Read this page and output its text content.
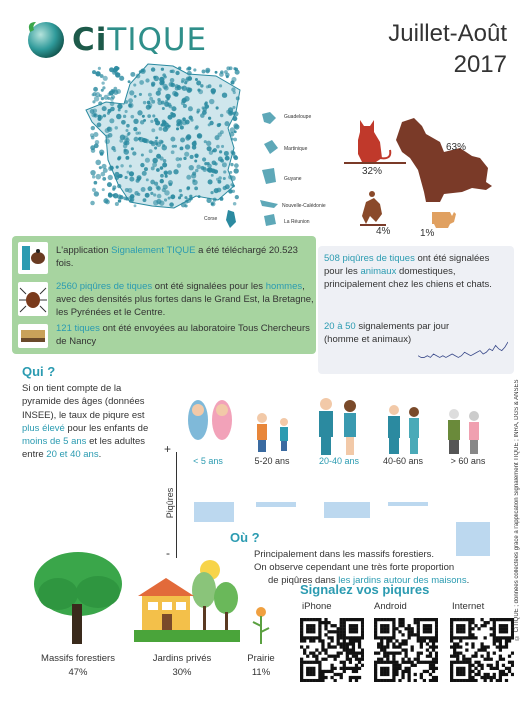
CiTIQUE	Juillet-Août
2017
Corse
Guadeloupe
Martinique
Guyane
Nouvelle-Calédonie
La Réunion
63%
32%
4%	1%
L'application Signalement TIQUE a été téléchargé 20.523 fois.
2560 piqûres de tiques ont été signalées pour les hommes, avec des densités plus fortes dans le Grand Est, la Bretagne, les Pyrénées et le Centre.
121 tiques ont été envoyées au laboratoire Tous Chercheurs de Nancy
508 piqûres de tiques ont été signalées pour les animaux domestiques, principalement chez les chiens et chats.
20 à 50 signalements par jour (homme et animaux)
Qui ?
Si on tient compte de la pyramide des âges (données INSEE), le taux de piqure est plus élevé pour les enfants de moins de 5 ans et les adultes entre 20 et 40 ans.
< 5 ans	5-20 ans	20-40 ans	40-60 ans	> 60 ans
+
-
Piqûres
Où ?
Principalement dans les massifs forestiers.
On observe cependant une très forte proportion
de piqûres dans les jardins autour des maisons.
Massifs forestiers
47%
Jardins privés
30%
Prairie
11%
Signalez vos piqures
iPhone	Android	Internet	© CiTIQUE ; données collectées grâce à l'application Signalement TIQUE ; INRA, DGS & ANSES
